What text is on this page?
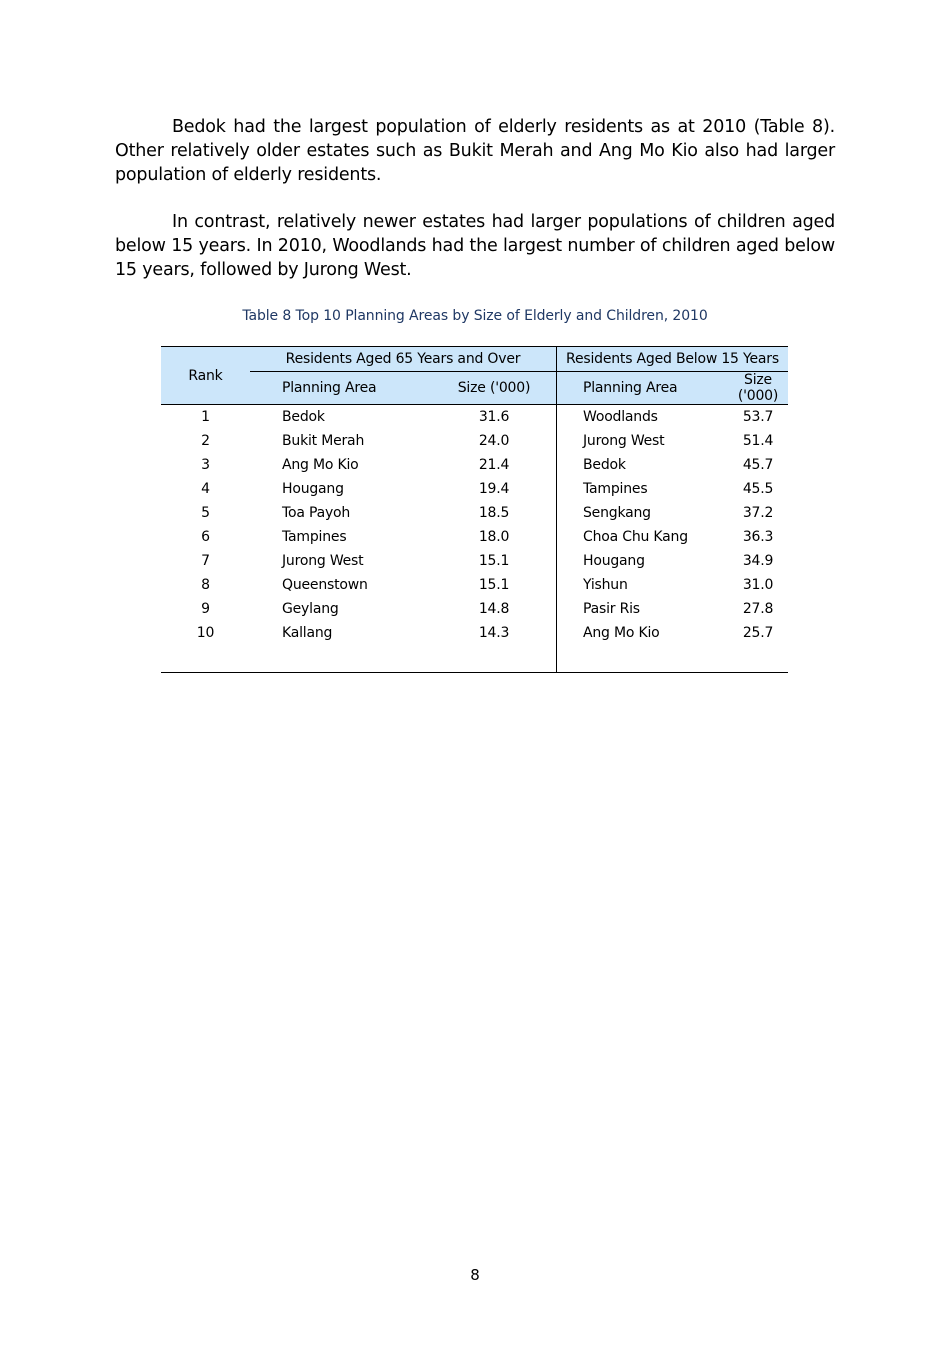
Bedok had the largest population of elderly residents as at 2010 (Table 8). Other relatively older estates such as Bukit Merah and Ang Mo Kio also had larger population of elderly residents.

In contrast, relatively newer estates had larger populations of children aged below 15 years. In 2010, Woodlands had the largest number of children aged below 15 years, followed by Jurong West.

Table 8 Top 10 Planning Areas by Size of Elderly and Children, 2010
Rank	Residents Aged 65 Years and Over		Residents Aged Below 15 Years	
	Planning Area	Size ('000)	Planning Area	Size ('000)
1	Bedok	31.6	Woodlands	53.7
2	Bukit Merah	24.0	Jurong West	51.4
3	Ang Mo Kio	21.4	Bedok	45.7
4	Hougang	19.4	Tampines	45.5
5	Toa Payoh	18.5	Sengkang	37.2
6	Tampines	18.0	Choa Chu Kang	36.3
7	Jurong West	15.1	Hougang	34.9
8	Queenstown	15.1	Yishun	31.0
9	Geylang	14.8	Pasir Ris	27.8
10	Kallang	14.3	Ang Mo Kio	25.7

8
